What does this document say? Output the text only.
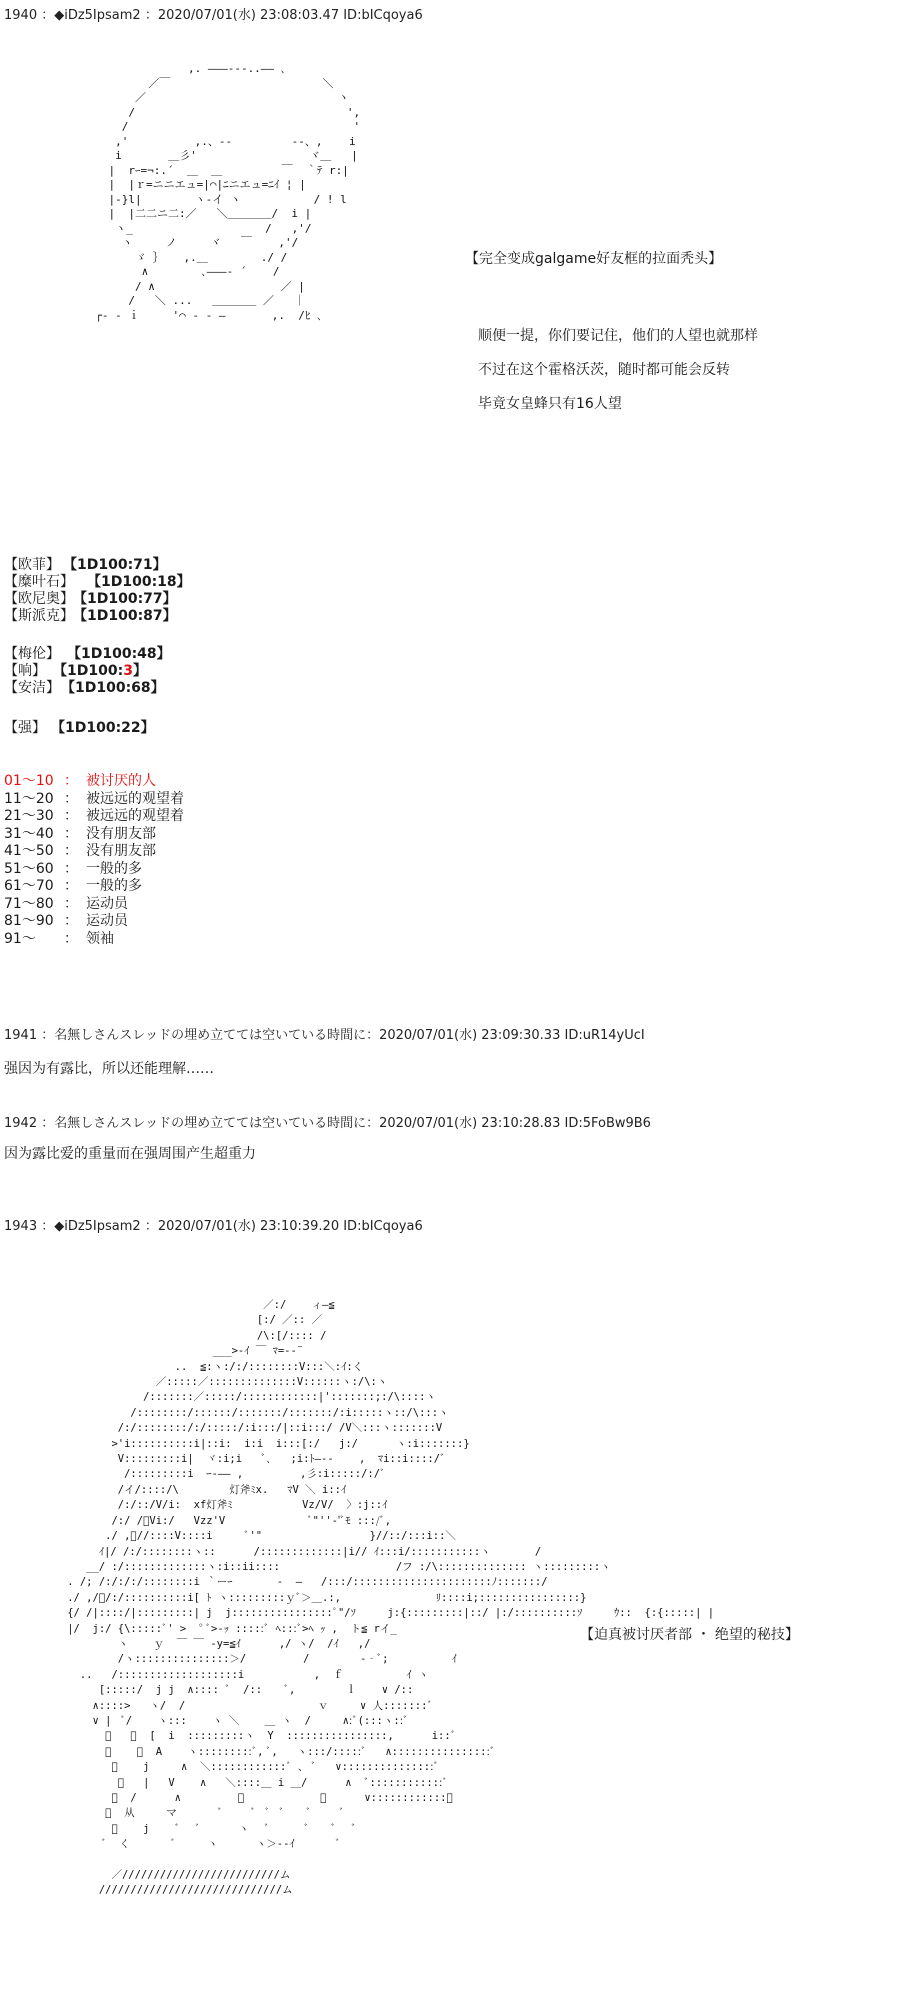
1940 ：◆iDz5Ipsam2 ：2020/07/01(水) 23:08:03.47 ID:bICqoya6
,. ―――‐-‐..―― ､
／￣                       ＼
／                             ヽ
/                                ',
/                                  '
,'          ,.、-‐         ‐-、,    i
i       ＿彡'                 ヾ＿   |
|  rｰ=¬:.´  ＿  ＿ 　　　   ￣  ｀ﾃ r:|
|  |ｒ=ニニエュ=|⌒|ﾆニエュ=ﾆｲ ¦ |
|-}l|        ヽ-イ ヽ           / ! l
|  |二二ニ二:／   ＼＿＿＿＿/  i |
ヽ_                    /   ,'/
ヽ     ノ     ヾ   ￣    ,'/
ゞ ｝   ,.＿        ./ /
∧        ､―――‐ ´    /
/ ∧                   ／ |
/   ＼ ...   ＿＿＿＿ ／   ｜
┌- - ｉ     '⌒ ‐ - ―       ,.  /ﾋ ､
【完全变成galgame好友框的拉面秃头】
顺便一提，你们要记住，他们的人望也就那样
不过在这个霍格沃茨，随时都可能会反转
毕竟女皇蜂只有16人望
【欧菲】 【1D100:71】
【糜叶石】 【1D100:18】
【欧尼奥】 【1D100:77】
【斯派克】 【1D100:87】
【梅伦】 【1D100:48】
【响】 【1D100:3】
【安洁】 【1D100:68】
【强】 【1D100:22】
01～10 ： 被讨厌的人
11～20 ： 被远远的观望着
21～30 ： 被远远的观望着
31～40 ： 没有朋友部
41～50 ： 没有朋友部
51～60 ： 一般的多
61～70 ： 一般的多
71～80 ： 运动员
81～90 ： 运动员
91～ ： 领袖
1941 ：名無しさんスレッドの埋め立てては空いている時間に：2020/07/01(水) 23:09:30.33 ID:uR14yUcI
强因为有露比，所以还能理解……
1942 ：名無しさんスレッドの埋め立てては空いている時間に：2020/07/01(水) 23:10:28.83 ID:5FoBw9B6
因为露比爱的重量而在强周围产生超重力
1943 ：◆iDz5Ipsam2 ：2020/07/01(水) 23:10:39.20 ID:bICqoya6
／:/    ィ―≦
[:/ ／:: ／
/\:[/:::: /
___>‐ｲ ￣ ﾏ=-‐¨
..  ≦:ヽ:/:/::::::::V:::＼:ｲ:く
／:::::／::::::::::::::V::::::ヽ:/\:ヽ
/:::::::／:::::/::::::::::::|':::::::;:/\::::ヽ
/::::::::/::::::/:::::::/:::::::/:i:::::ヽ::/\:::ヽ
/:/::::::::/:/:::::/:i:::/|::i:::/ /V＼:::ヽ:::::::V
>'i::::::::::i|::i:  i:i  i:::[:/   j:/      ヽ:i:::::::}
V:::::::::i|  ヾ:i;i   ﾞ､   ;i:ﾄ―‐-    ,  ﾏi::i::::/ﾞ
/:::::::::i  ｰ-―― ,         ,彡:i:::::/:/ﾞ
/イ/::::/\        灯斧ﾐx.   ﾏV ＼ i::ｲ
/:/::/V/i:  xf灯斧ﾐ           Vz/V/  〉:j::ｲ
/:/ /ﾞVi:/   Vzz'V             ﾞ"''‐'ﾞﾓ :::/ﾞ,
./ ,ﾞ//::::V::::i     ﾞ'"                 }//::/:::i::＼
ｲ|/ /:/::::::::ヽ::      /:::::::::::::|i// ｲ:::i/:::::::::::ヽ       /
__/ :/:::::::::::::ヽ:i::ii::::     　 　         /フ :/\:::::::::::::: ヽ:::::::::ヽ
. /; /:/:/:/::::::::i ｀ーｰ       ‐  ―   /:::/::::::::::::::::::::::ﾉ:::::::/
./ ,/ﾞ/:/::::::::::i[ ﾄ ヽ:::::::::ｙﾞ＞＿.:,               ﾘ::::i;::::::::::::::::}
{/ /|::::/|:::::::::| j  j::::::::::::::::ﾟ"/ｿ     j:{:::::::::|::/ |:/::::::::::ｿ     ｳ::  {:{:::::| |
|/  j:/ {\:::::ﾞ' > ︒ ﾞ>-ｯ :::::ﾞ ﾍ:::ﾞ>ﾍ ｯ ,  ト≦ rイ_
ヽ    ｙ  ￣ ￣ -y=≦ｲ      ,/ ヽ/  /ｲ   ,/
/ヽ:::::::::::::::＞/         /        ‐‐ﾞ;          ｲ
..   /:::::::::::::::::::i           ,  ｆ          ｲ ヽ
[:::::/  j j  ∧:::: ﾞ  /::    ﾞ,        ｌ    ∨ /::
∧::::>   ヽ/  /                     ｖ     ∨ 人:::::::ﾞ
∨ |  ﾞ/    ヽ:::    ヽ ＼    ＿ ヽ  /     ∧:ﾞ(:::ヽ::ﾞ
ﾞ   ﾞ  [  i  :::::::::ヽ  Y  ::::::::::::::::,      i::ﾞ
ﾞ    ﾞ  A    ヽ:::::::::ﾞ, ﾞ,   ヽ:::/:::::ﾞ   ∧::::::::::::::::ﾞ
ﾞ    j     ∧  ＼::::::::::::ﾞ 、 ﾞ   ∨:::::::::::::::ﾞ
ﾞ   |   V    ∧   ＼::::＿ i ＿/      ∧  ﾞ::::::::::::ﾞ
ﾞ  /      ∧         ﾞ            ﾞ      ∨::::::::::::ﾞ
ﾞ  从     マ       ﾞ     ﾞ  ﾞ  ﾞ    ﾞ     ﾞ
ﾞ    j    ﾞ   ﾞ      ヽ   ﾞ      ﾞ    ﾞ   ﾞ
ﾞ  く       ﾞ     ヽ      ヽ＞--ｲ       ﾞ

／/////////////////////////ム
/////////////////////////////ム
【迫真被讨厌者部 ・ 绝望的秘技】
